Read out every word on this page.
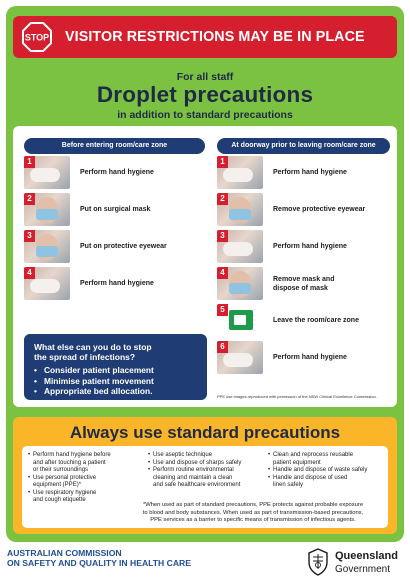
STOP VISITOR RESTRICTIONS MAY BE IN PLACE
For all staff
Droplet precautions
in addition to standard precautions
Before entering room/care zone	At doorway prior to leaving room/care zone
1
Perform hand hygiene
2
Put on surgical mask
3
Put on protective eyewear
4
Perform hand hygiene
1
Perform hand hygiene
2
Remove protective eyewear
3
Perform hand hygiene
4
Remove mask and
dispose of mask
5
Leave the room/care zone
6
Perform hand hygiene
What else can you do to stop
the spread of infections?
• Consider patient placement
• Minimise patient movement
• Appropriate bed allocation.
PPE use images reproduced with permission of the NSW Clinical Excellence Commission.
Always use standard precautions
• Perform hand hygiene before
and after touching a patient
or their surroundings
• Use personal protective
equipment (PPE)*
• Use respiratory hygiene
and cough etiquette
• Use aseptic technique
• Use and dispose of sharps safely
• Perform routine environmental
cleaning and maintain a clean
and safe healthcare environment
• Clean and reprocess reusable
patient equipment
• Handle and dispose of waste safely
• Handle and dispose of used
linen safely
*When used as part of standard precautions, PPE protects against probable exposure
to blood and body substances. When used as part of transmission-based precautions,
PPE services as a barrier to specific means of transmission of infectious agents.
AUSTRALIAN COMMISSION
ON SAFETY AND QUALITY IN HEALTH CARE
Queensland
Government
